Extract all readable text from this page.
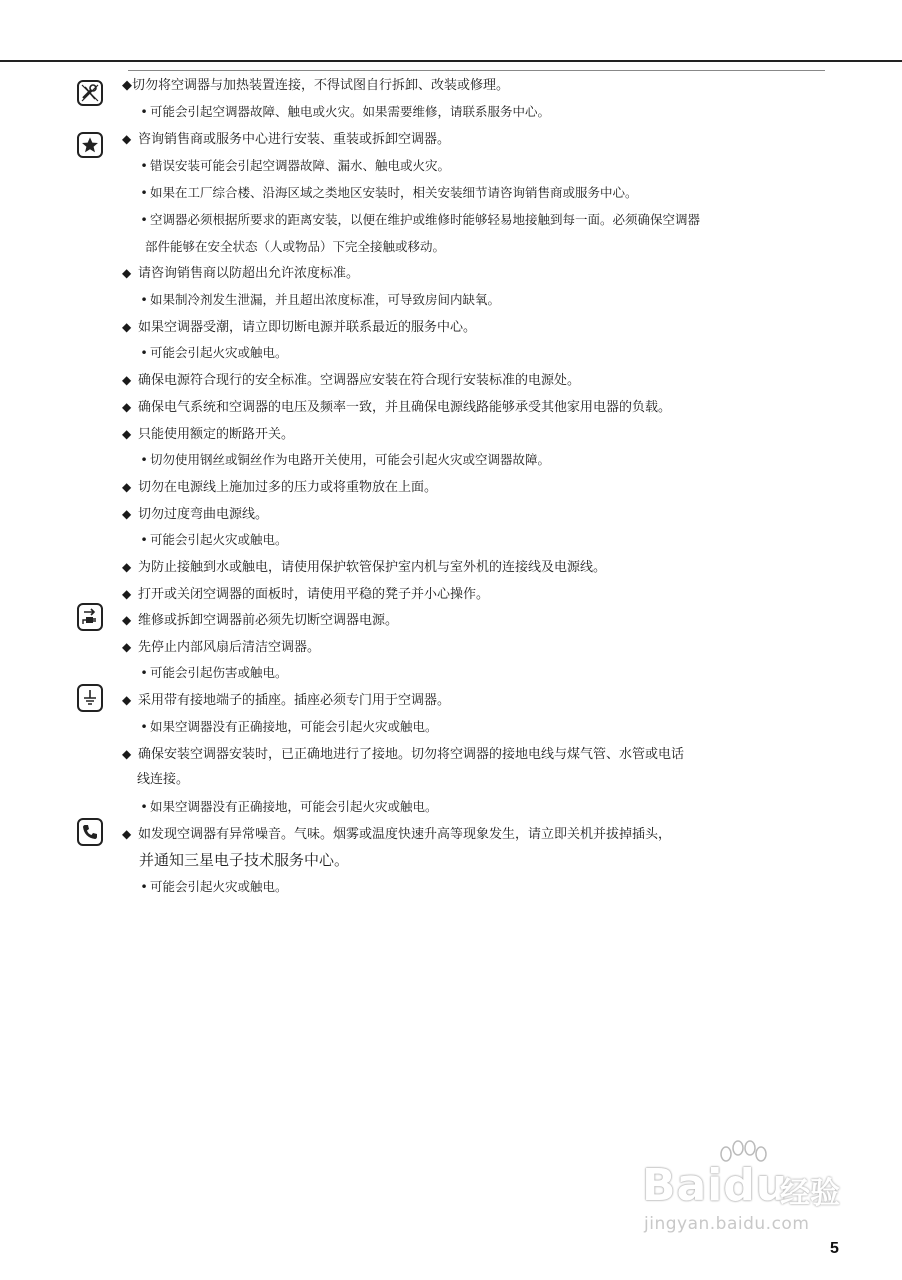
◆切勿将空调器与加热装置连接，不得试图自行拆卸、改装或修理。
• 可能会引起空调器故障、触电或火灾。如果需要维修，请联系服务中心。
◆ 咨询销售商或服务中心进行安装、重装或拆卸空调器。
• 错误安装可能会引起空调器故障、漏水、触电或火灾。
• 如果在工厂综合楼、沿海区域之类地区安装时，相关安装细节请咨询销售商或服务中心。
• 空调器必须根据所要求的距离安装，以便在维护或维修时能够轻易地接触到每一面。必须确保空调器
部件能够在安全状态（人或物品）下完全接触或移动。
◆ 请咨询销售商以防超出允许浓度标准。
• 如果制冷剂发生泄漏，并且超出浓度标准，可导致房间内缺氧。
◆ 如果空调器受潮，请立即切断电源并联系最近的服务中心。
• 可能会引起火灾或触电。
◆ 确保电源符合现行的安全标准。空调器应安装在符合现行安装标准的电源处。
◆ 确保电气系统和空调器的电压及频率一致，并且确保电源线路能够承受其他家用电器的负载。
◆ 只能使用额定的断路开关。
• 切勿使用钢丝或铜丝作为电路开关使用，可能会引起火灾或空调器故障。
◆ 切勿在电源线上施加过多的压力或将重物放在上面。
◆ 切勿过度弯曲电源线。
• 可能会引起火灾或触电。
◆ 为防止接触到水或触电，请使用保护软管保护室内机与室外机的连接线及电源线。
◆ 打开或关闭空调器的面板时，请使用平稳的凳子并小心操作。
◆ 维修或拆卸空调器前必须先切断空调器电源。
◆ 先停止内部风扇后清洁空调器。
• 可能会引起伤害或触电。
◆ 采用带有接地端子的插座。插座必须专门用于空调器。
• 如果空调器没有正确接地，可能会引起火灾或触电。
◆ 确保安装空调器安装时，已正确地进行了接地。切勿将空调器的接地电线与煤气管、水管或电话
线连接。
• 如果空调器没有正确接地，可能会引起火灾或触电。
◆ 如发现空调器有异常噪音。气味。烟雾或温度快速升高等现象发生，请立即关机并拔掉插头，
并通知三星电子技术服务中心。
• 可能会引起火灾或触电。
Baidu
经验
jingyan.baidu.com
5
